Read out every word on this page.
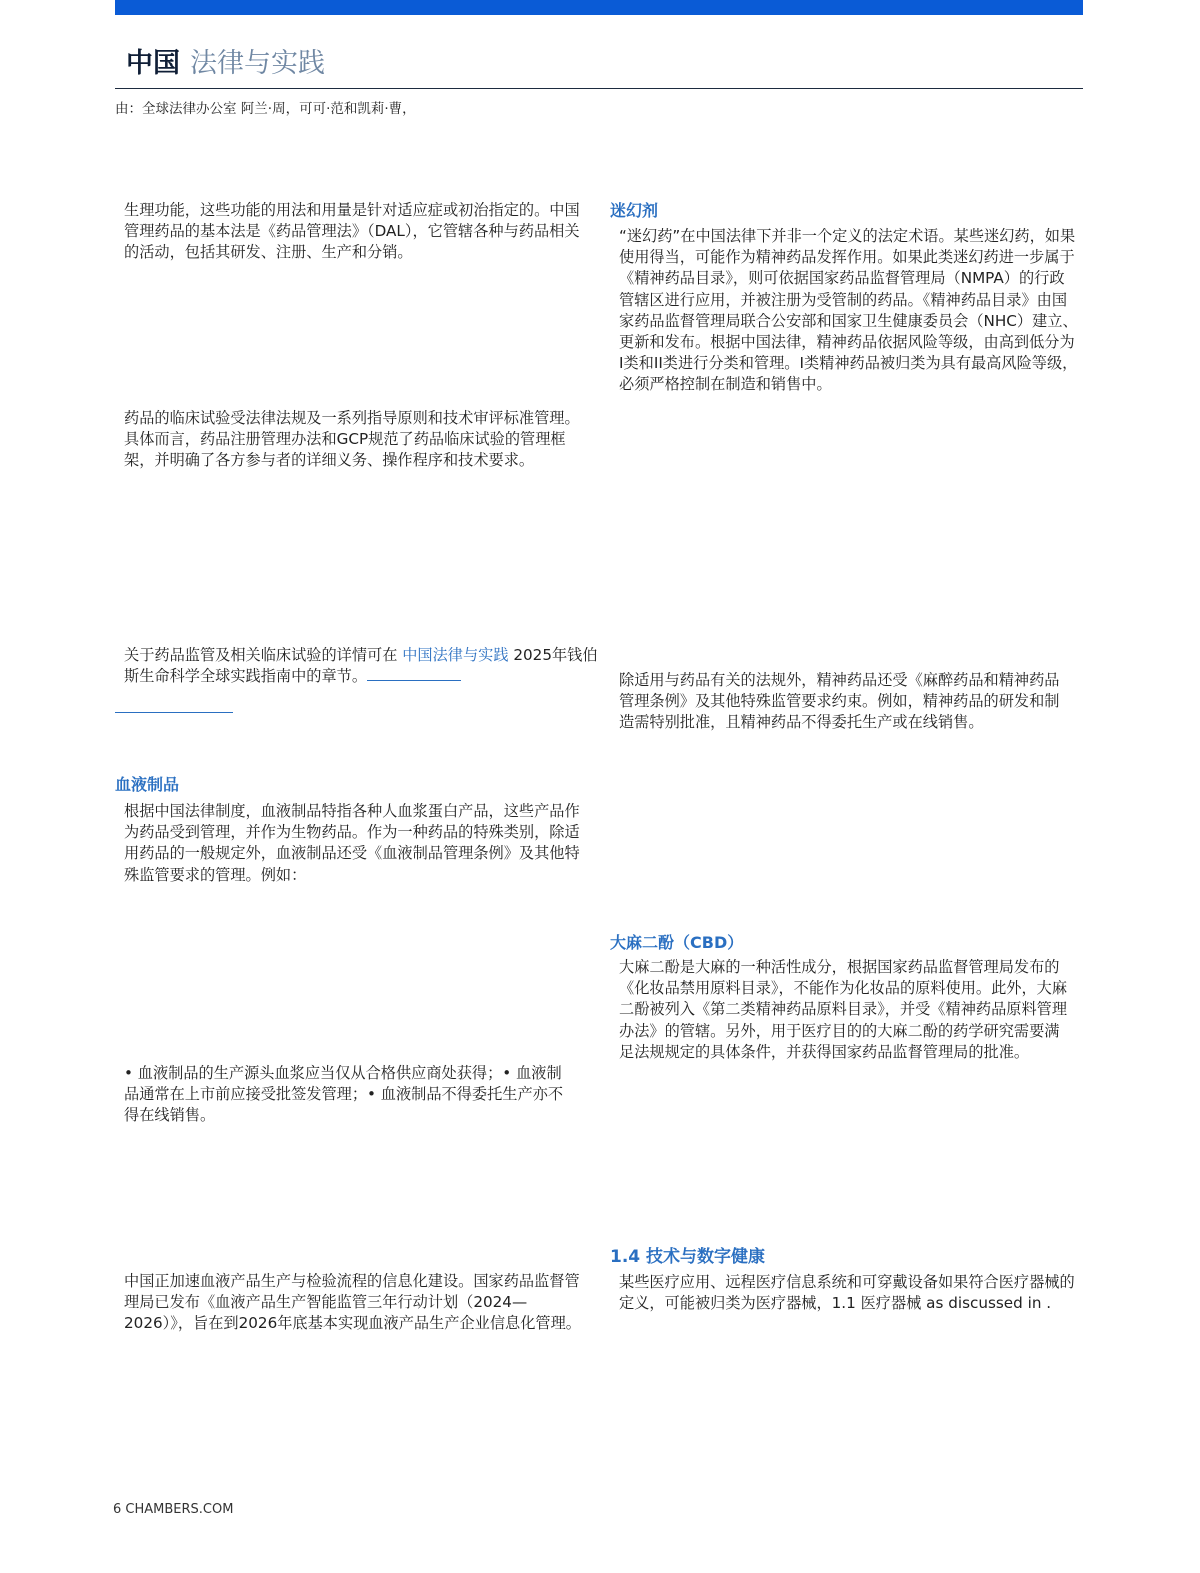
中国 法律与实践
由：全球法律办公室 阿兰·周，可可·范和凯莉·曹，

生理功能，这些功能的用法和用量是针对适应症或初治指定的。中国管理药品的基本法是《药品管理法》（DAL），它管辖各种与药品相关的活动，包括其研发、注册、生产和分销。

药品的临床试验受法律法规及一系列指导原则和技术审评标准管理。具体而言，药品注册管理办法和GCP规范了药品临床试验的管理框架，并明确了各方参与者的详细义务、操作程序和技术要求。

关于药品监管及相关临床试验的详情可在 中国法律与实践 2025年钱伯斯生命科学全球实践指南中的章节。

血液制品

根据中国法律制度，血液制品特指各种人血浆蛋白产品，这些产品作为药品受到管理，并作为生物药品。作为一种药品的特殊类别，除适用药品的一般规定外，血液制品还受《血液制品管理条例》及其他特殊监管要求的管理。例如：

• 血液制品的生产源头血浆应当仅从合格供应商处获得；• 血液制品通常在上市前应接受批签发管理；• 血液制品不得委托生产亦不得在线销售。

中国正加速血液产品生产与检验流程的信息化建设。国家药品监督管理局已发布《血液产品生产智能监管三年行动计划（2024—2026）》，旨在到2026年底基本实现血液产品生产企业信息化管理。

迷幻剂

“迷幻药”在中国法律下并非一个定义的法定术语。某些迷幻药，如果使用得当，可能作为精神药品发挥作用。如果此类迷幻药进一步属于《精神药品目录》，则可依据国家药品监督管理局（NMPA）的行政管辖区进行应用，并被注册为受管制的药品。《精神药品目录》由国家药品监督管理局联合公安部和国家卫生健康委员会（NHC）建立、更新和发布。根据中国法律，精神药品依据风险等级，由高到低分为I类和II类进行分类和管理。I类精神药品被归类为具有最高风险等级，必须严格控制在制造和销售中。

除适用与药品有关的法规外，精神药品还受《麻醉药品和精神药品管理条例》及其他特殊监管要求约束。例如，精神药品的研发和制造需特别批准，且精神药品不得委托生产或在线销售。

大麻二酚（CBD）

大麻二酚是大麻的一种活性成分，根据国家药品监督管理局发布的《化妆品禁用原料目录》，不能作为化妆品的原料使用。此外，大麻二酚被列入《第二类精神药品原料目录》，并受《精神药品原料管理办法》的管辖。另外，用于医疗目的的大麻二酚的药学研究需要满足法规规定的具体条件，并获得国家药品监督管理局的批准。

1.4 技术与数字健康

某些医疗应用、远程医疗信息系统和可穿戴设备如果符合医疗器械的定义，可能被归类为医疗器械，1.1 医疗器械 as discussed in .

6 CHAMBERS.COM
